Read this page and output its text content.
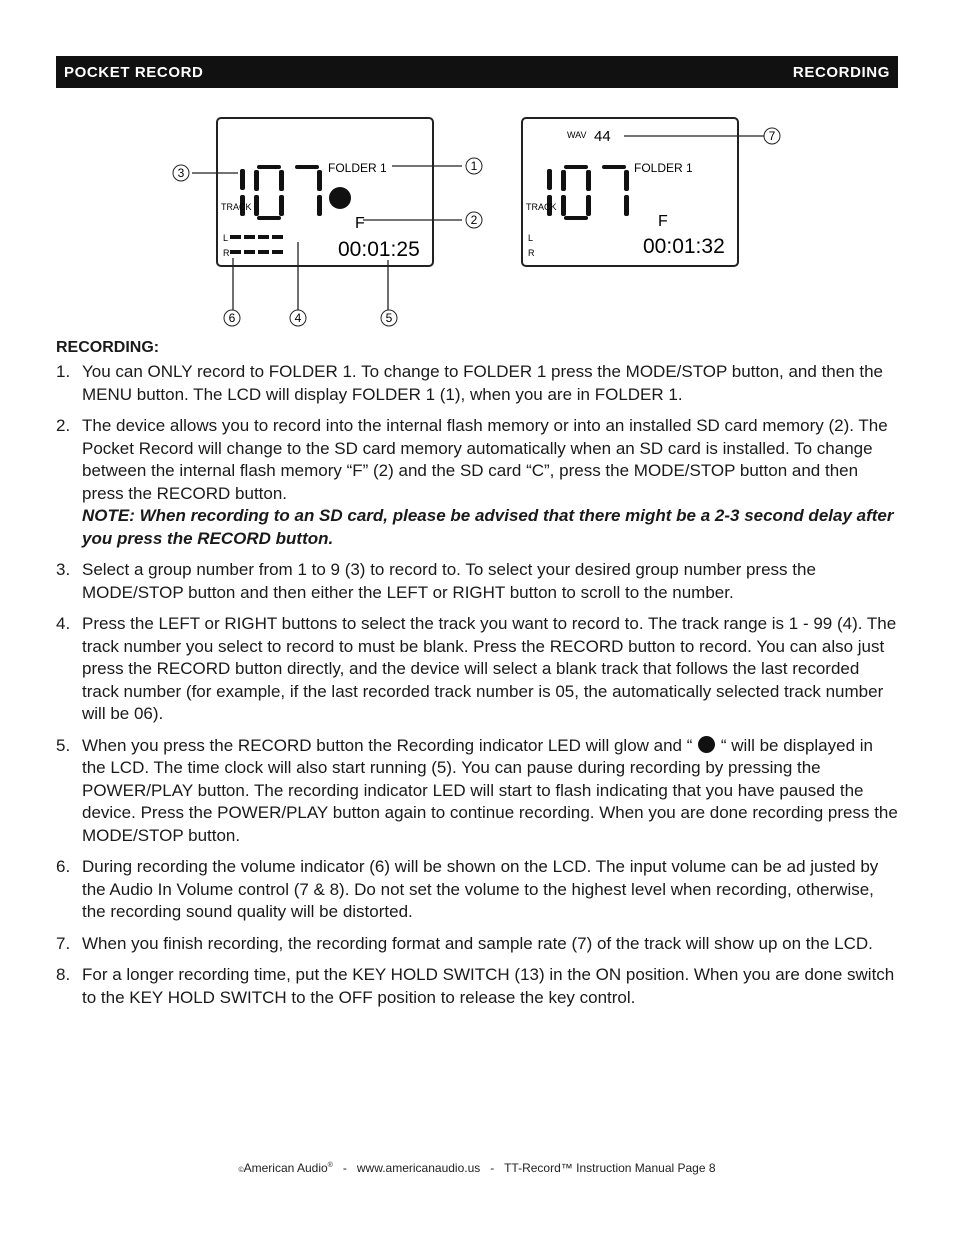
POCKET RECORD	RECORDING
FOLDER 1
TRACK
F
00:01:25
L
R
1
2
3
4	5
6
7
WAV 44
FOLDER 1
TRACK
F
00:01:32
L
R
RECORDING:
1. You can ONLY record to FOLDER 1. To change to FOLDER 1 press the MODE/STOP button, and then the MENU button. The LCD will display FOLDER 1 (1), when you are in FOLDER 1.
2. The device allows you to record into the internal flash memory or into an installed SD card memory (2). The Pocket Record will change to the SD card memory automatically when an SD card is installed. To change between the internal flash memory “F” (2) and the SD card “C”, press the MODE/STOP button and then press the RECORD button.
NOTE: When recording to an SD card, please be advised that there might be a 2-3 second delay after you press the RECORD button.
3. Select a group number from 1 to 9 (3) to record to. To select your desired group number press the MODE/STOP button and then either the LEFT or RIGHT button to scroll to the number.
4. Press the LEFT or RIGHT buttons to select the track you want to record to. The track range is 1 - 99 (4). The track number you select to record to must be blank. Press the RECORD button to record. You can also just press the RECORD button directly, and the device will select a blank track that follows the last recorded track number (for example, if the last recorded track number is 05, the automatically selected track number will be 06).
5. When you press the RECORD button the Recording indicator LED will glow and “ “ will be displayed in the LCD. The time clock will also start running (5). You can pause during recording by pressing the POWER/PLAY button. The recording indicator LED will start to flash indicating that you have paused the device. Press the POWER/PLAY button again to continue recording. When you are done recording press the MODE/STOP button.
6. During recording the volume indicator (6) will be shown on the LCD. The input volume can be ad justed by the Audio In Volume control (7 & 8). Do not set the volume to the highest level when recording, otherwise, the recording sound quality will be distorted.
7. When you finish recording, the recording format and sample rate (7) of the track will show up on the LCD.
8. For a longer recording time, put the KEY HOLD SWITCH (13) in the ON position. When you are done switch to the KEY HOLD SWITCH to the OFF position to release the key control.
©American Audio® - www.americanaudio.us - TT-Record™ Instruction Manual Page 8
